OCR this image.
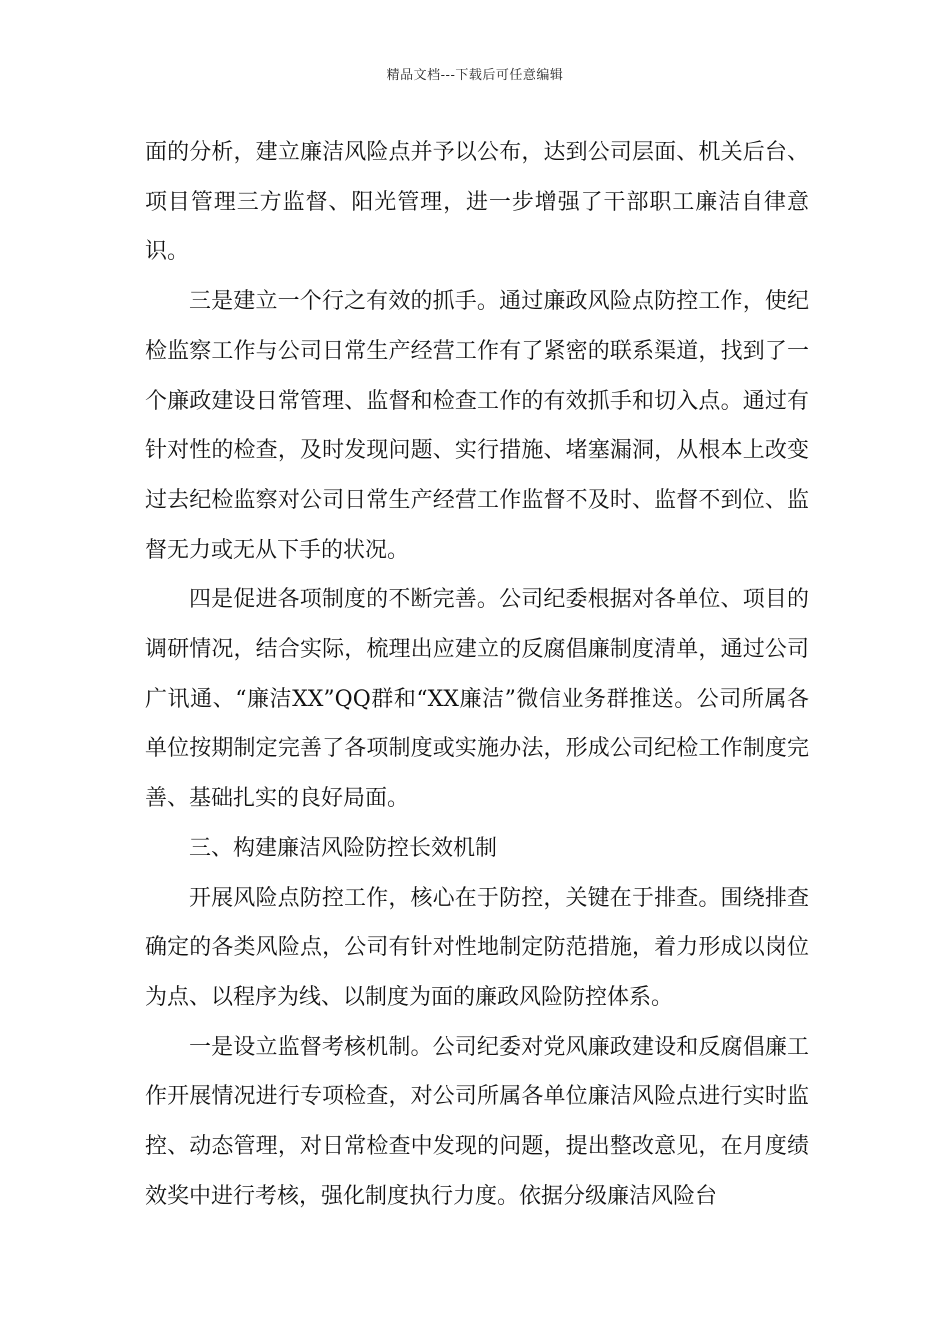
精品文档---下载后可任意编辑

面的分析，建立廉洁风险点并予以公布，达到公司层面、机关后台、项目管理三方监督、阳光管理，进一步增强了干部职工廉洁自律意识。

三是建立一个行之有效的抓手。通过廉政风险点防控工作，使纪检监察工作与公司日常生产经营工作有了紧密的联系渠道，找到了一个廉政建设日常管理、监督和检查工作的有效抓手和切入点。通过有针对性的检查，及时发现问题、实行措施、堵塞漏洞，从根本上改变过去纪检监察对公司日常生产经营工作监督不及时、监督不到位、监督无力或无从下手的状况。

四是促进各项制度的不断完善。公司纪委根据对各单位、项目的调研情况，结合实际，梳理出应建立的反腐倡廉制度清单，通过公司广讯通、“廉洁XX”QQ群和“XX廉洁”微信业务群推送。公司所属各单位按期制定完善了各项制度或实施办法，形成公司纪检工作制度完善、基础扎实的良好局面。

三、构建廉洁风险防控长效机制

开展风险点防控工作，核心在于防控，关键在于排查。围绕排查确定的各类风险点，公司有针对性地制定防范措施，着力形成以岗位为点、以程序为线、以制度为面的廉政风险防控体系。

一是设立监督考核机制。公司纪委对党风廉政建设和反腐倡廉工作开展情况进行专项检查，对公司所属各单位廉洁风险点进行实时监控、动态管理，对日常检查中发现的问题，提出整改意见，在月度绩效奖中进行考核，强化制度执行力度。依据分级廉洁风险台
